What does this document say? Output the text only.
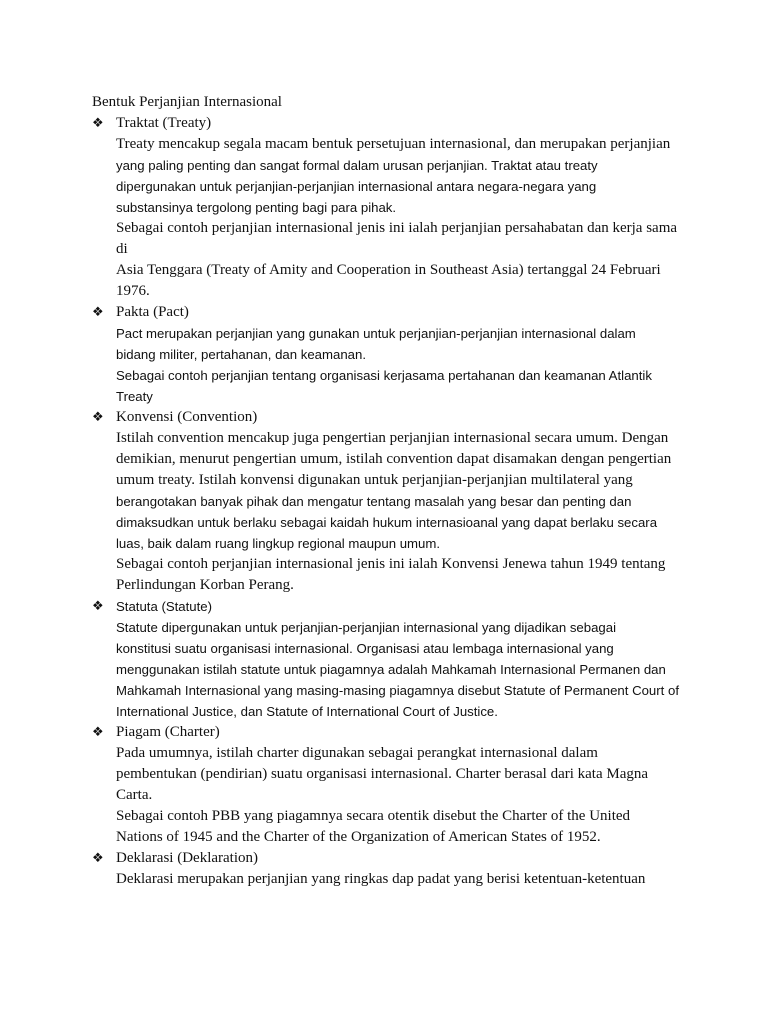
Bentuk Perjanjian Internasional
❖ Traktat (Treaty)
Treaty mencakup segala macam bentuk persetujuan internasional, dan merupakan perjanjian
yang paling penting dan sangat formal dalam urusan perjanjian. Traktat atau treaty
dipergunakan untuk perjanjian-perjanjian internasional antara negara-negara yang
substansinya tergolong penting bagi para pihak.
Sebagai contoh perjanjian internasional jenis ini ialah perjanjian persahabatan dan kerja sama
di
Asia Tenggara (Treaty of Amity and Cooperation in Southeast Asia) tertanggal 24 Februari
1976.
❖ Pakta (Pact)
Pact merupakan perjanjian yang gunakan untuk perjanjian-perjanjian internasional dalam
bidang militer, pertahanan, dan keamanan.
Sebagai contoh perjanjian tentang organisasi kerjasama pertahanan dan keamanan Atlantik
Treaty
❖ Konvensi (Convention)
Istilah convention mencakup juga pengertian perjanjian internasional secara umum. Dengan
demikian, menurut pengertian umum, istilah convention dapat disamakan dengan pengertian
umum treaty. Istilah konvensi digunakan untuk perjanjian-perjanjian multilateral yang
berangotakan banyak pihak dan mengatur tentang masalah yang besar dan penting dan
dimaksudkan untuk berlaku sebagai kaidah hukum internasioanal yang dapat berlaku secara
luas, baik dalam ruang lingkup regional maupun umum.
Sebagai contoh perjanjian internasional jenis ini ialah Konvensi Jenewa tahun 1949 tentang
Perlindungan Korban Perang.
❖ Statuta (Statute)
Statute dipergunakan untuk perjanjian-perjanjian internasional yang dijadikan sebagai
konstitusi suatu organisasi internasional. Organisasi atau lembaga internasional yang
menggunakan istilah statute untuk piagamnya adalah Mahkamah Internasional Permanen dan
Mahkamah Internasional yang masing-masing piagamnya disebut Statute of Permanent Court of
International Justice, dan Statute of International Court of Justice.
❖ Piagam (Charter)
Pada umumnya, istilah charter digunakan sebagai perangkat internasional dalam
pembentukan (pendirian) suatu organisasi internasional. Charter berasal dari kata Magna
Carta.
Sebagai contoh PBB yang piagamnya secara otentik disebut the Charter of the United
Nations of 1945 and the Charter of the Organization of American States of 1952.
❖ Deklarasi (Deklaration)
Deklarasi merupakan perjanjian yang ringkas dap padat yang berisi ketentuan-ketentuan
